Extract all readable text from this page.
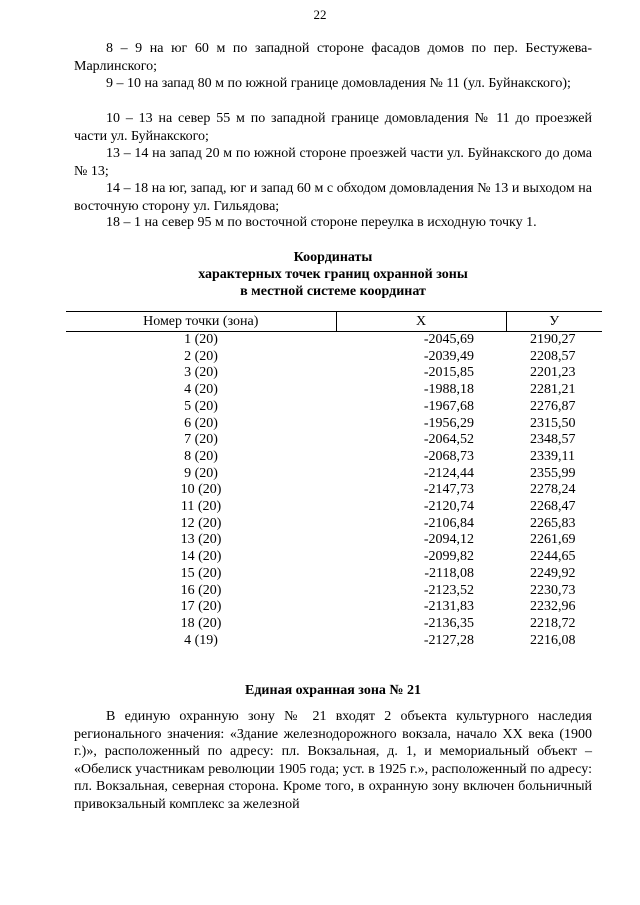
22
8 – 9 на юг 60 м по западной стороне фасадов домов по пер. Бестужева-Марлинского;
9 – 10 на запад 80 м по южной границе домовладения № 11 (ул. Буйнакского);
10 – 13 на север 55 м по западной границе домовладения № 11 до проезжей части ул. Буйнакского;
13 – 14 на запад 20 м по южной стороне проезжей части ул. Буйнакского до дома № 13;
14 – 18 на юг, запад, юг и запад 60 м с обходом домовладения № 13 и выходом на восточную сторону ул. Гильядова;
18 – 1 на север 95 м по восточной стороне переулка в исходную точку 1.
Координаты
характерных точек границ охранной зоны
в местной системе координат
Номер точки (зона)	X	У
1 (20)	-2045,69	2190,27
2 (20)	-2039,49	2208,57
3 (20)	-2015,85	2201,23
4 (20)	-1988,18	2281,21
5 (20)	-1967,68	2276,87
6 (20)	-1956,29	2315,50
7 (20)	-2064,52	2348,57
8 (20)	-2068,73	2339,11
9 (20)	-2124,44	2355,99
10 (20)	-2147,73	2278,24
11 (20)	-2120,74	2268,47
12 (20)	-2106,84	2265,83
13 (20)	-2094,12	2261,69
14 (20)	-2099,82	2244,65
15 (20)	-2118,08	2249,92
16 (20)	-2123,52	2230,73
17 (20)	-2131,83	2232,96
18 (20)	-2136,35	2218,72
4 (19)	-2127,28	2216,08
Единая охранная зона № 21
В единую охранную зону № 21 входят 2 объекта культурного наследия регионального значения: «Здание железнодорожного вокзала, начало XX века (1900 г.)», расположенный по адресу: пл. Вокзальная, д. 1, и мемориальный объект – «Обелиск участникам революции 1905 года; уст. в 1925 г.», расположенный по адресу: пл. Вокзальная, северная сторона. Кроме того, в охранную зону включен больничный привокзальный комплекс за железной
